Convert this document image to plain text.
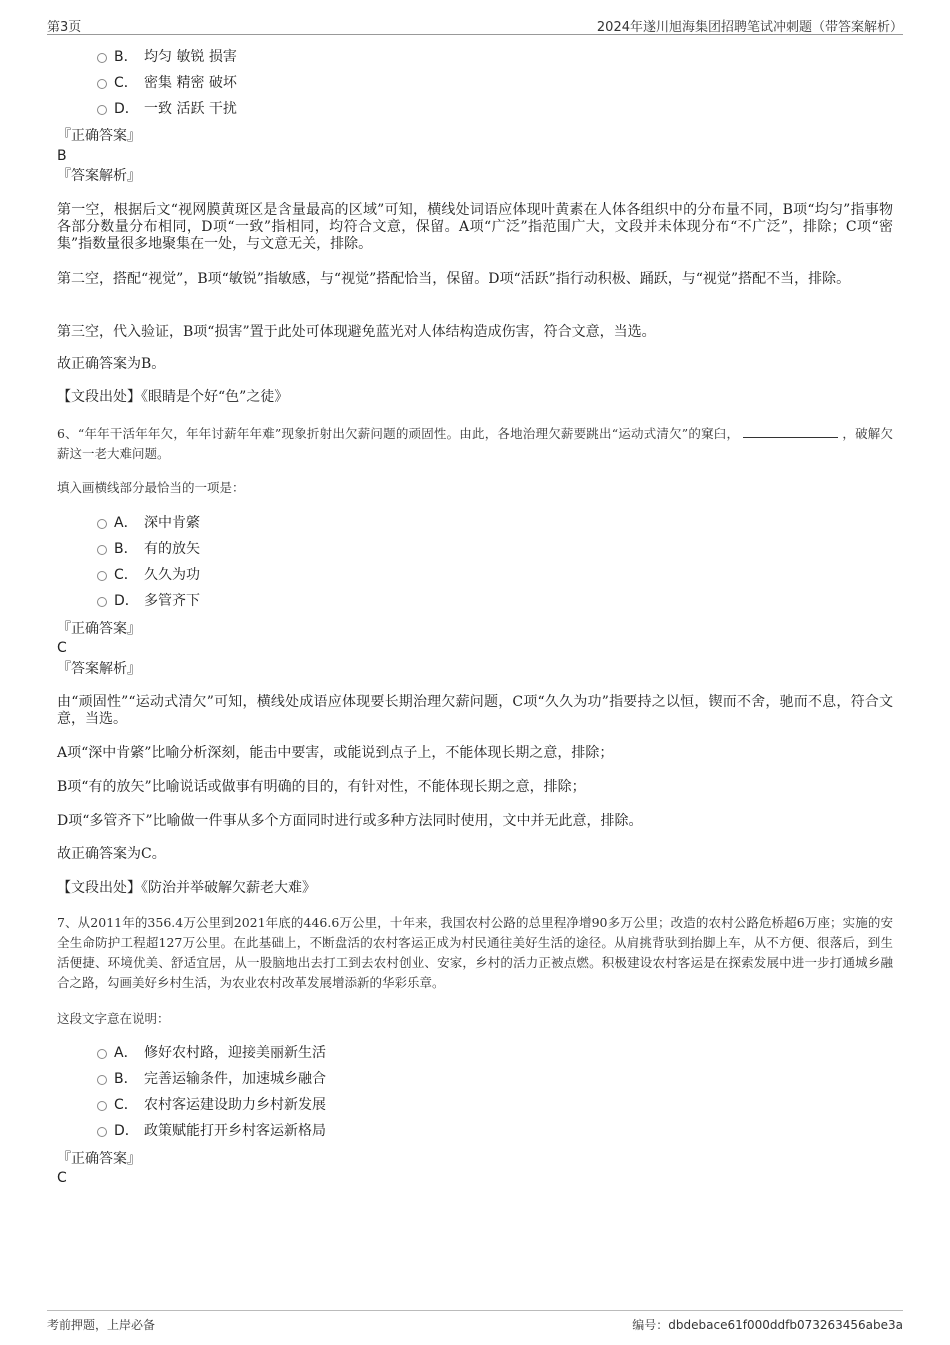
第3页	2024年遂川旭海集团招聘笔试冲刺题（带答案解析）
B． 均匀 敏锐 损害
C． 密集 精密 破坏
D． 一致 活跃 干扰
『正确答案』
B
『答案解析』
第一空，根据后文“视网膜黄斑区是含量最高的区域”可知，横线处词语应体现叶黄素在人体各组织中的分布量不同，B项“均匀”指事物各部分数量分布相同，D项“一致”指相同，均符合文意，保留。A项“广泛”指范围广大，文段并未体现分布“不广泛”，排除；C项“密集”指数量很多地聚集在一处，与文意无关，排除。
第二空，搭配“视觉”，B项“敏锐”指敏感，与“视觉”搭配恰当，保留。D项“活跃”指行动积极、踊跃，与“视觉”搭配不当，排除。
第三空，代入验证，B项“损害”置于此处可体现避免蓝光对人体结构造成伤害，符合文意，当选。
故正确答案为B。
【文段出处】《眼睛是个好“色”之徒》
6、“年年干活年年欠，年年讨薪年年难”现象折射出欠薪问题的顽固性。由此，各地治理欠薪要跳出“运动式清欠”的窠臼，	，破解欠薪这一老大难问题。
填入画横线部分最恰当的一项是：
A． 深中肯綮
B． 有的放矢
C． 久久为功
D． 多管齐下
『正确答案』
C
『答案解析』
由“顽固性”“运动式清欠”可知，横线处成语应体现要长期治理欠薪问题，C项“久久为功”指要持之以恒，锲而不舍，驰而不息，符合文意，当选。
A项“深中肯綮”比喻分析深刻，能击中要害，或能说到点子上，不能体现长期之意，排除；
B项“有的放矢”比喻说话或做事有明确的目的，有针对性，不能体现长期之意，排除；
D项“多管齐下”比喻做一件事从多个方面同时进行或多种方法同时使用，文中并无此意，排除。
故正确答案为C。
【文段出处】《防治并举破解欠薪老大难》
7、从2011年的356.4万公里到2021年底的446.6万公里，十年来，我国农村公路的总里程净增90多万公里；改造的农村公路危桥超6万座；实施的安全生命防护工程超127万公里。在此基础上，不断盘活的农村客运正成为村民通往美好生活的途径。从肩挑背驮到抬脚上车，从不方便、很落后，到生活便捷、环境优美、舒适宜居，从一股脑地出去打工到去农村创业、安家，乡村的活力正被点燃。积极建设农村客运是在探索发展中进一步打通城乡融合之路，勾画美好乡村生活，为农业农村改革发展增添新的华彩乐章。
这段文字意在说明：
A． 修好农村路，迎接美丽新生活
B． 完善运输条件，加速城乡融合
C． 农村客运建设助力乡村新发展
D． 政策赋能打开乡村客运新格局
『正确答案』
C
考前押题，上岸必备	编号：dbdebace61f000ddfb073263456abe3a
